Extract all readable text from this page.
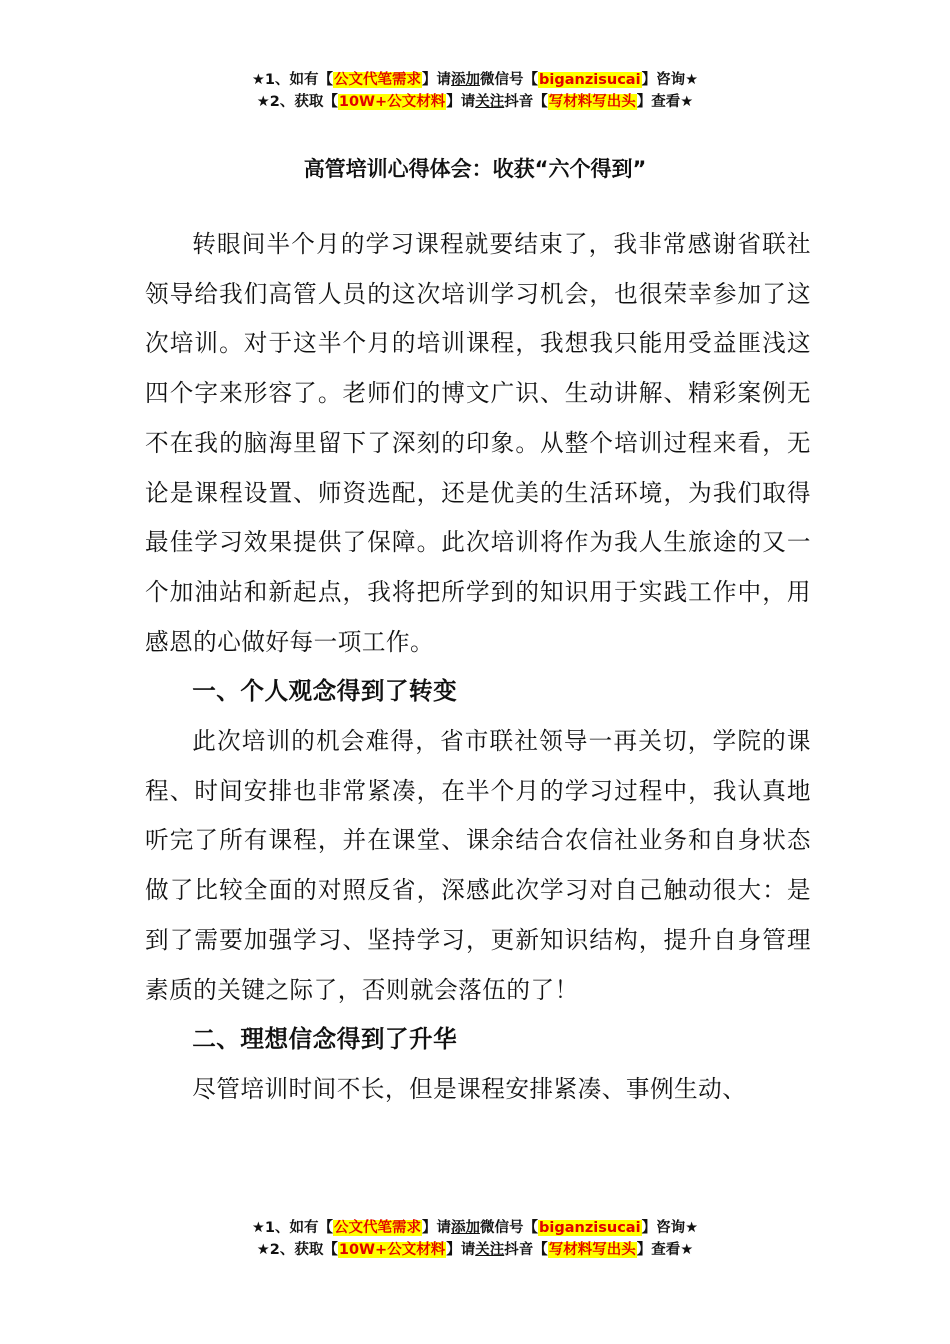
★1、如有【公文代笔需求】请添加微信号【biganzisucai】咨询★
★2、获取【10W+公文材料】请关注抖音【写材料写出头】查看★
高管培训心得体会：收获“六个得到”

转眼间半个月的学习课程就要结束了，我非常感谢省联社领导给我们高管人员的这次培训学习机会，也很荣幸参加了这次培训。对于这半个月的培训课程，我想我只能用受益匪浅这四个字来形容了。老师们的博文广识、生动讲解、精彩案例无不在我的脑海里留下了深刻的印象。从整个培训过程来看，无论是课程设置、师资选配，还是优美的生活环境，为我们取得最佳学习效果提供了保障。此次培训将作为我人生旅途的又一个加油站和新起点，我将把所学到的知识用于实践工作中，用感恩的心做好每一项工作。

一、个人观念得到了转变

此次培训的机会难得，省市联社领导一再关切，学院的课程、时间安排也非常紧凑，在半个月的学习过程中，我认真地听完了所有课程，并在课堂、课余结合农信社业务和自身状态做了比较全面的对照反省，深感此次学习对自己触动很大：是到了需要加强学习、坚持学习，更新知识结构，提升自身管理素质的关键之际了，否则就会落伍的了！

二、理想信念得到了升华

尽管培训时间不长，但是课程安排紧凑、事例生动、

★1、如有【公文代笔需求】请添加微信号【biganzisucai】咨询★
★2、获取【10W+公文材料】请关注抖音【写材料写出头】查看★
